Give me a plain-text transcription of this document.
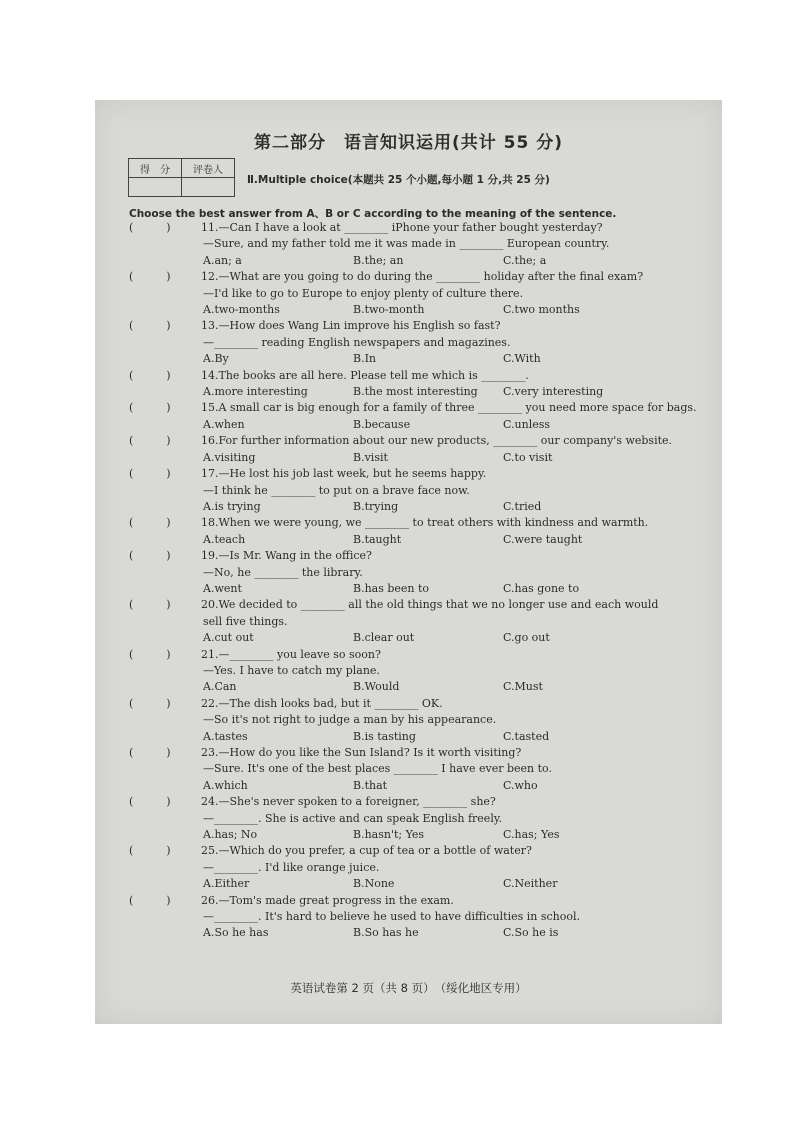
第二部分　语言知识运用(共计 55 分)
得　分	评卷人

Ⅱ.Multiple choice(本题共 25 个小题,每小题 1 分,共 25 分)
Choose the best answer from A、B or C according to the meaning of the sentence.
(　　　)	11.—Can I have a look at ________ iPhone your father bought yesterday?
—Sure, and my father told me it was made in ________ European country.
A.an; a	B.the; an	C.the; a
(　　　)	12.—What are you going to do during the ________ holiday after the final exam?
—I'd like to go to Europe to enjoy plenty of culture there.
A.two-months	B.two-month	C.two months
(　　　)	13.—How does Wang Lin improve his English so fast?
—________ reading English newspapers and magazines.
A.By	B.In	C.With
(　　　)	14.The books are all here. Please tell me which is ________.
A.more interesting	B.the most interesting	C.very interesting
(　　　)	15.A small car is big enough for a family of three ________ you need more space for bags.
A.when	B.because	C.unless
(　　　)	16.For further information about our new products, ________ our company's website.
A.visiting	B.visit	C.to visit
(　　　)	17.—He lost his job last week, but he seems happy.
—I think he ________ to put on a brave face now.
A.is trying	B.trying	C.tried
(　　　)	18.When we were young, we ________ to treat others with kindness and warmth.
A.teach	B.taught	C.were taught
(　　　)	19.—Is Mr. Wang in the office?
—No, he ________ the library.
A.went	B.has been to	C.has gone to
(　　　)	20.We decided to ________ all the old things that we no longer use and each would
sell five things.
A.cut out	B.clear out	C.go out
(　　　)	21.—________ you leave so soon?
—Yes. I have to catch my plane.
A.Can	B.Would	C.Must
(　　　)	22.—The dish looks bad, but it ________ OK.
—So it's not right to judge a man by his appearance.
A.tastes	B.is tasting	C.tasted
(　　　)	23.—How do you like the Sun Island? Is it worth visiting?
—Sure. It's one of the best places ________ I have ever been to.
A.which	B.that	C.who
(　　　)	24.—She's never spoken to a foreigner, ________ she?
—________. She is active and can speak English freely.
A.has; No	B.hasn't; Yes	C.has; Yes
(　　　)	25.—Which do you prefer, a cup of tea or a bottle of water?
—________. I'd like orange juice.
A.Either	B.None	C.Neither
(　　　)	26.—Tom's made great progress in the exam.
—________. It's hard to believe he used to have difficulties in school.
A.So he has	B.So has he	C.So he is
英语试卷第 2 页（共 8 页）　（绥化地区专用）
